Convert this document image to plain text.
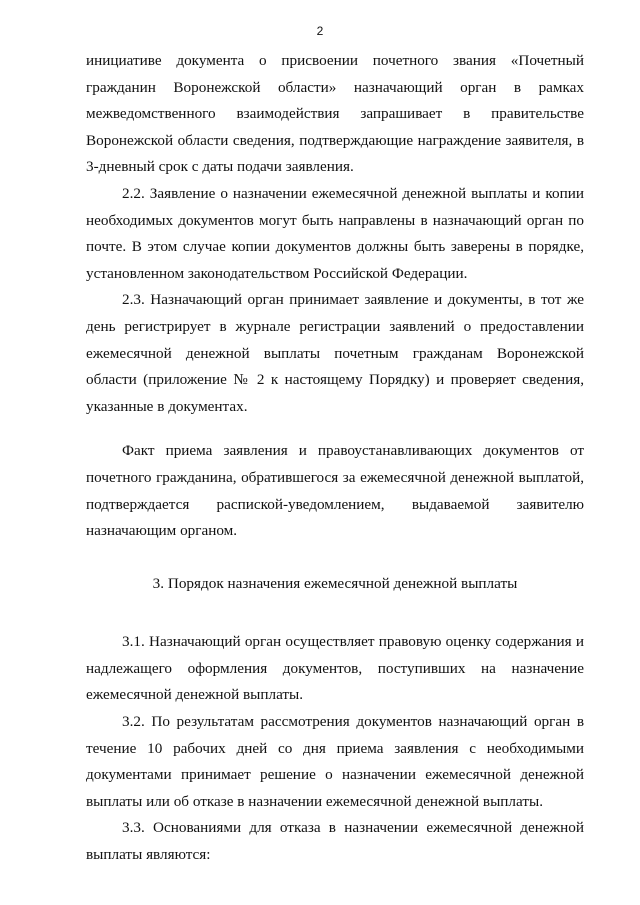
2

инициативе документа о присвоении почетного звания «Почетный гражданин Воронежской области» назначающий орган в рамках межведомственного взаимодействия запрашивает в правительстве Воронежской области сведения, подтверждающие награждение заявителя, в 3-дневный срок с даты подачи заявления.

2.2. Заявление о назначении ежемесячной денежной выплаты и копии необходимых документов могут быть направлены в назначающий орган по почте. В этом случае копии документов должны быть заверены в порядке, установленном законодательством Российской Федерации.

2.3. Назначающий орган принимает заявление и документы, в тот же день регистрирует в журнале регистрации заявлений о предоставлении ежемесячной денежной выплаты почетным гражданам Воронежской области (приложение № 2 к настоящему Порядку) и проверяет сведения, указанные в документах.

Факт приема заявления и правоустанавливающих документов от почетного гражданина, обратившегося за ежемесячной денежной выплатой, подтверждается распиской-уведомлением, выдаваемой заявителю назначающим органом.

3. Порядок назначения ежемесячной денежной выплаты

3.1. Назначающий орган осуществляет правовую оценку содержания и надлежащего оформления документов, поступивших на назначение ежемесячной денежной выплаты.

3.2. По результатам рассмотрения документов назначающий орган в течение 10 рабочих дней со дня приема заявления с необходимыми документами принимает решение о назначении ежемесячной денежной выплаты или об отказе в назначении ежемесячной денежной выплаты.

3.3. Основаниями для отказа в назначении ежемесячной денежной выплаты являются:
